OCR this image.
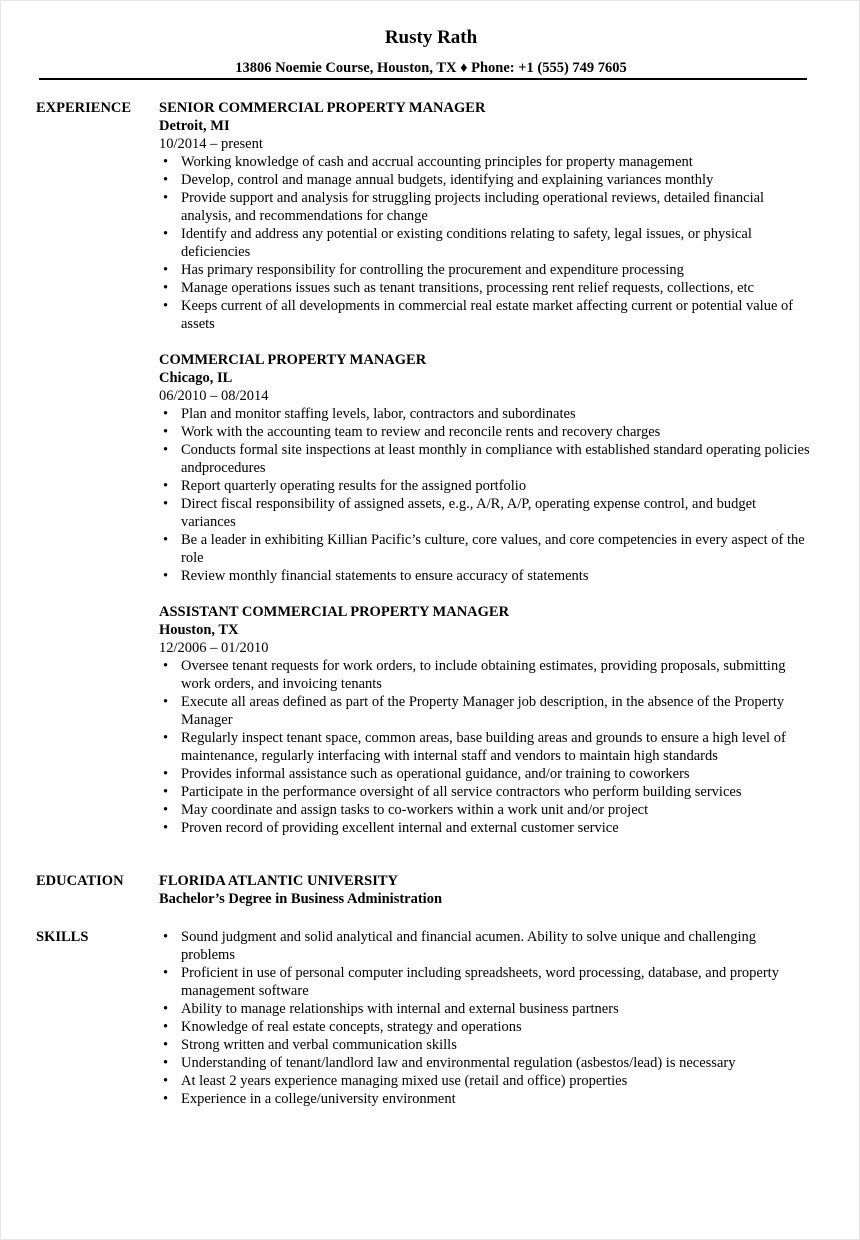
Rusty Rath
13806 Noemie Course, Houston, TX ♦ Phone: +1 (555) 749 7605
EXPERIENCE SENIOR COMMERCIAL PROPERTY MANAGER
Detroit, MI
10/2014 – present
• Working knowledge of cash and accrual accounting principles for property management
• Develop, control and manage annual budgets, identifying and explaining variances monthly
• Provide support and analysis for struggling projects including operational reviews, detailed financial analysis, and recommendations for change
• Identify and address any potential or existing conditions relating to safety, legal issues, or physical deficiencies
• Has primary responsibility for controlling the procurement and expenditure processing
• Manage operations issues such as tenant transitions, processing rent relief requests, collections, etc
• Keeps current of all developments in commercial real estate market affecting current or potential value of assets
COMMERCIAL PROPERTY MANAGER
Chicago, IL
06/2010 – 08/2014
• Plan and monitor staffing levels, labor, contractors and subordinates
• Work with the accounting team to review and reconcile rents and recovery charges
• Conducts formal site inspections at least monthly in compliance with established standard operating policies andprocedures
• Report quarterly operating results for the assigned portfolio
• Direct fiscal responsibility of assigned assets, e.g., A/R, A/P, operating expense control, and budget variances
• Be a leader in exhibiting Killian Pacific’s culture, core values, and core competencies in every aspect of the role
• Review monthly financial statements to ensure accuracy of statements
ASSISTANT COMMERCIAL PROPERTY MANAGER
Houston, TX
12/2006 – 01/2010
• Oversee tenant requests for work orders, to include obtaining estimates, providing proposals, submitting work orders, and invoicing tenants
• Execute all areas defined as part of the Property Manager job description, in the absence of the Property Manager
• Regularly inspect tenant space, common areas, base building areas and grounds to ensure a high level of maintenance, regularly interfacing with internal staff and vendors to maintain high standards
• Provides informal assistance such as operational guidance, and/or training to coworkers
• Participate in the performance oversight of all service contractors who perform building services
• May coordinate and assign tasks to co-workers within a work unit and/or project
• Proven record of providing excellent internal and external customer service
EDUCATION FLORIDA ATLANTIC UNIVERSITY
Bachelor’s Degree in Business Administration
SKILLS	• Sound judgment and solid analytical and financial acumen. Ability to solve unique and challenging problems
• Proficient in use of personal computer including spreadsheets, word processing, database, and property management software
• Ability to manage relationships with internal and external business partners
• Knowledge of real estate concepts, strategy and operations
• Strong written and verbal communication skills
• Understanding of tenant/landlord law and environmental regulation (asbestos/lead) is necessary
• At least 2 years experience managing mixed use (retail and office) properties
• Experience in a college/university environment
